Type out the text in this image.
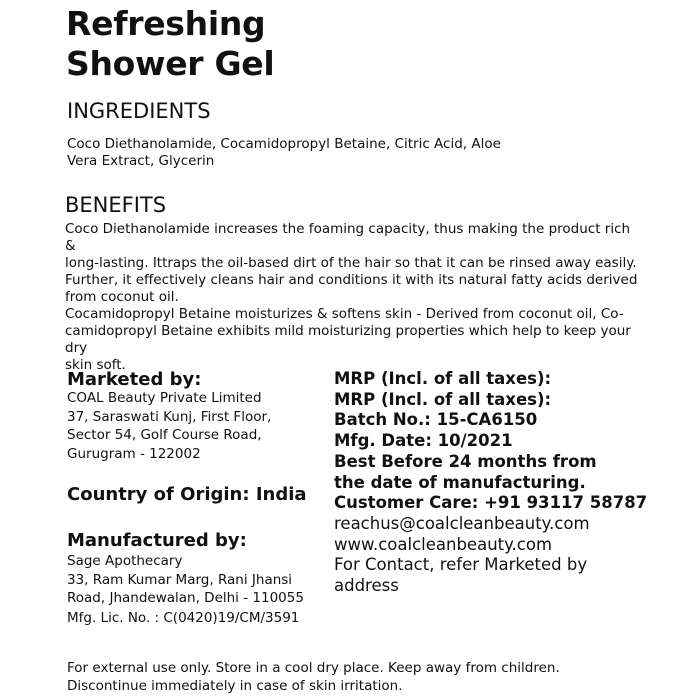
Refreshing
Shower Gel
INGREDIENTS

Coco Diethanolamide, Cocamidopropyl Betaine, Citric Acid, Aloe
Vera Extract, Glycerin

BENEFITS

Coco Diethanolamide increases the foaming capacity, thus making the product rich &
long-lasting. Ittraps the oil-based dirt of the hair so that it can be rinsed away easily.
Further, it effectively cleans hair and conditions it with its natural fatty acids derived
from coconut oil.
Cocamidopropyl Betaine moisturizes & softens skin - Derived from coconut oil, Co-
camidopropyl Betaine exhibits mild moisturizing properties which help to keep your dry
skin soft.

Marketed by:

COAL Beauty Private Limited
37, Saraswati Kunj, First Floor,
Sector 54, Golf Course Road,
Gurugram - 122002

Country of Origin: India
Manufactured by:

Sage Apothecary
33, Ram Kumar Marg, Rani Jhansi
Road, Jhandewalan, Delhi - 110055

Mfg. Lic. No. : C(0420)19/CM/3591

MRP (Incl. of all taxes):
MRP (Incl. of all taxes):
Batch No.: 15-CA6150
Mfg. Date: 10/2021
Best Before 24 months from
the date of manufacturing.
Customer Care: +91 93117 58787
reachus@coalcleanbeauty.com
www.coalcleanbeauty.com
For Contact, refer Marketed by
address

For external use only. Store in a cool dry place. Keep away from children.
Discontinue immediately in case of skin irritation.
